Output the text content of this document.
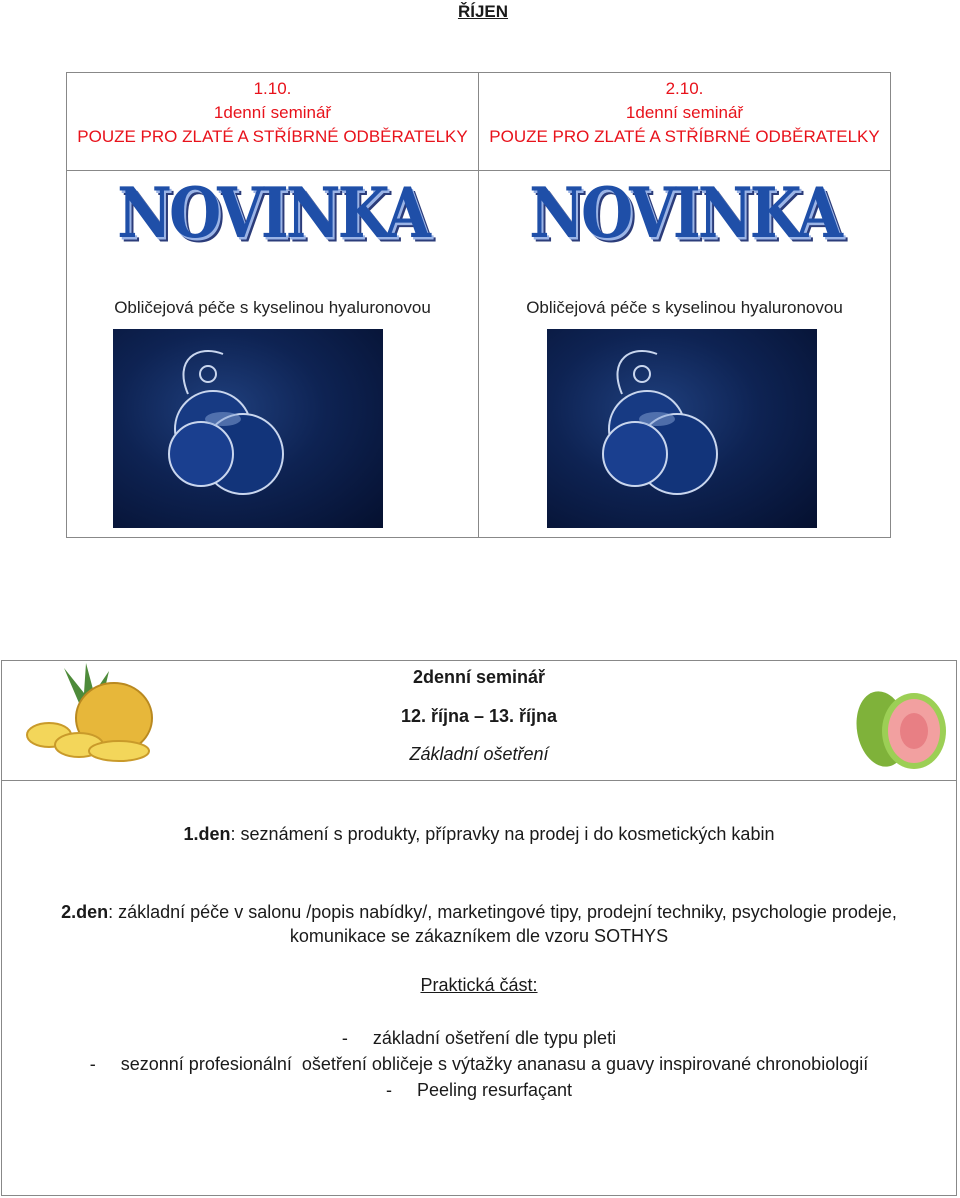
ŘÍJEN
1.10.
1denní seminář
POUZE PRO ZLATÉ A STŘÍBRNÉ ODBĚRATELKY
2.10.
1denní seminář
POUZE PRO ZLATÉ A STŘÍBRNÉ ODBĚRATELKY
NOVINKA
Obličejová péče s kyselinou hyaluronovou
NOVINKA
Obličejová péče s kyselinou hyaluronovou
2denní seminář
12. října – 13. října
Základní ošetření
1.den: seznámení s produkty, přípravky na prodej i do kosmetických kabin
2.den: základní péče v salonu /popis nabídky/, marketingové tipy, prodejní techniky, psychologie prodeje,
komunikace se zákazníkem dle vzoru SOTHYS
Praktická část:
-     základní ošetření dle typu pleti
-     sezonní profesionální  ošetření obličeje s výtažky ananasu a guavy inspirované chronobiologií
-     Peeling resurfaçant
